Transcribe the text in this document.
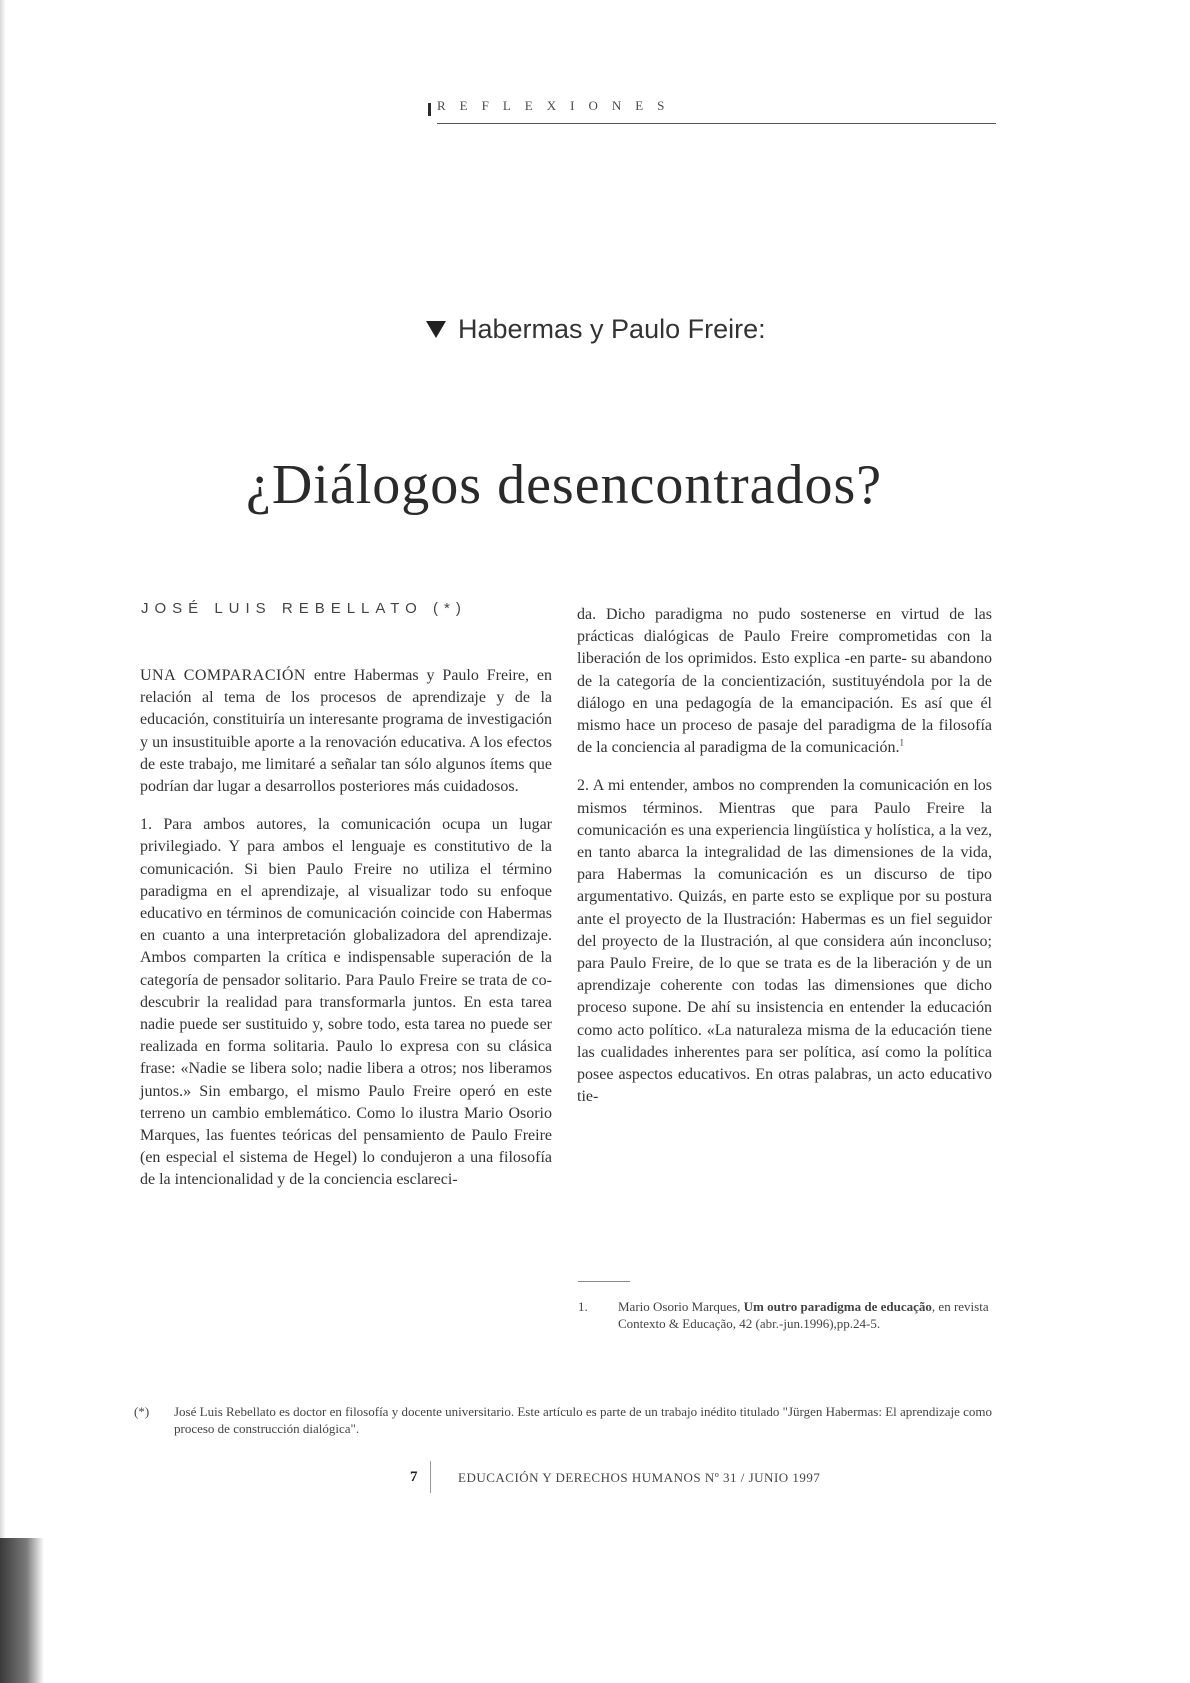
REFLEXIONES
Habermas y Paulo Freire:
¿Diálogos desencontrados?
JOSÉ LUIS REBELLATO (*)

UNA COMPARACIÓN entre Habermas y Paulo Freire, en relación al tema de los procesos de aprendizaje y de la educación, constituiría un interesante programa de investigación y un insustituible aporte a la renovación educativa. A los efectos de este trabajo, me limitaré a señalar tan sólo algunos ítems que podrían dar lugar a desarrollos posteriores más cuidadosos.

1. Para ambos autores, la comunicación ocupa un lugar privilegiado. Y para ambos el lenguaje es constitutivo de la comunicación. Si bien Paulo Freire no utiliza el término paradigma en el aprendizaje, al visualizar todo su enfoque educativo en términos de comunicación coincide con Habermas en cuanto a una interpretación globalizadora del aprendizaje. Ambos comparten la crítica e indispensable superación de la categoría de pensador solitario. Para Paulo Freire se trata de co-descubrir la realidad para transformarla juntos. En esta tarea nadie puede ser sustituido y, sobre todo, esta tarea no puede ser realizada en forma solitaria. Paulo lo expresa con su clásica frase: «Nadie se libera solo; nadie libera a otros; nos liberamos juntos.» Sin embargo, el mismo Paulo Freire operó en este terreno un cambio emblemático. Como lo ilustra Mario Osorio Marques, las fuentes teóricas del pensamiento de Paulo Freire (en especial el sistema de Hegel) lo condujeron a una filosofía de la intencionalidad y de la conciencia esclareci-

da. Dicho paradigma no pudo sostenerse en virtud de las prácticas dialógicas de Paulo Freire comprometidas con la liberación de los oprimidos. Esto explica -en parte- su abandono de la categoría de la concientización, sustituyéndola por la de diálogo en una pedagogía de la emancipación. Es así que él mismo hace un proceso de pasaje del paradigma de la filosofía de la conciencia al paradigma de la comunicación.$^1$

2. A mi entender, ambos no comprenden la comunicación en los mismos términos. Mientras que para Paulo Freire la comunicación es una experiencia lingüística y holística, a la vez, en tanto abarca la integralidad de las dimensiones de la vida, para Habermas la comunicación es un discurso de tipo argumentativo. Quizás, en parte esto se explique por su postura ante el proyecto de la Ilustración: Habermas es un fiel seguidor del proyecto de la Ilustración, al que considera aún inconcluso; para Paulo Freire, de lo que se trata es de la liberación y de un aprendizaje coherente con todas las dimensiones que dicho proceso supone. De ahí su insistencia en entender la educación como acto político. «La naturaleza misma de la educación tiene las cualidades inherentes para ser política, así como la política posee aspectos educativos. En otras palabras, un acto educativo tie-

1. Mario Osorio Marques, Um outro paradigma de educação, en revista Contexto & Educação, 42 (abr.-jun.1996),pp.24-5.
(*) José Luis Rebellato es doctor en filosofía y docente universitario. Este artículo es parte de un trabajo inédito titulado "Jürgen Habermas: El aprendizaje como proceso de construcción dialógica".
7	EDUCACIÓN Y DERECHOS HUMANOS Nº 31 / JUNIO 1997
